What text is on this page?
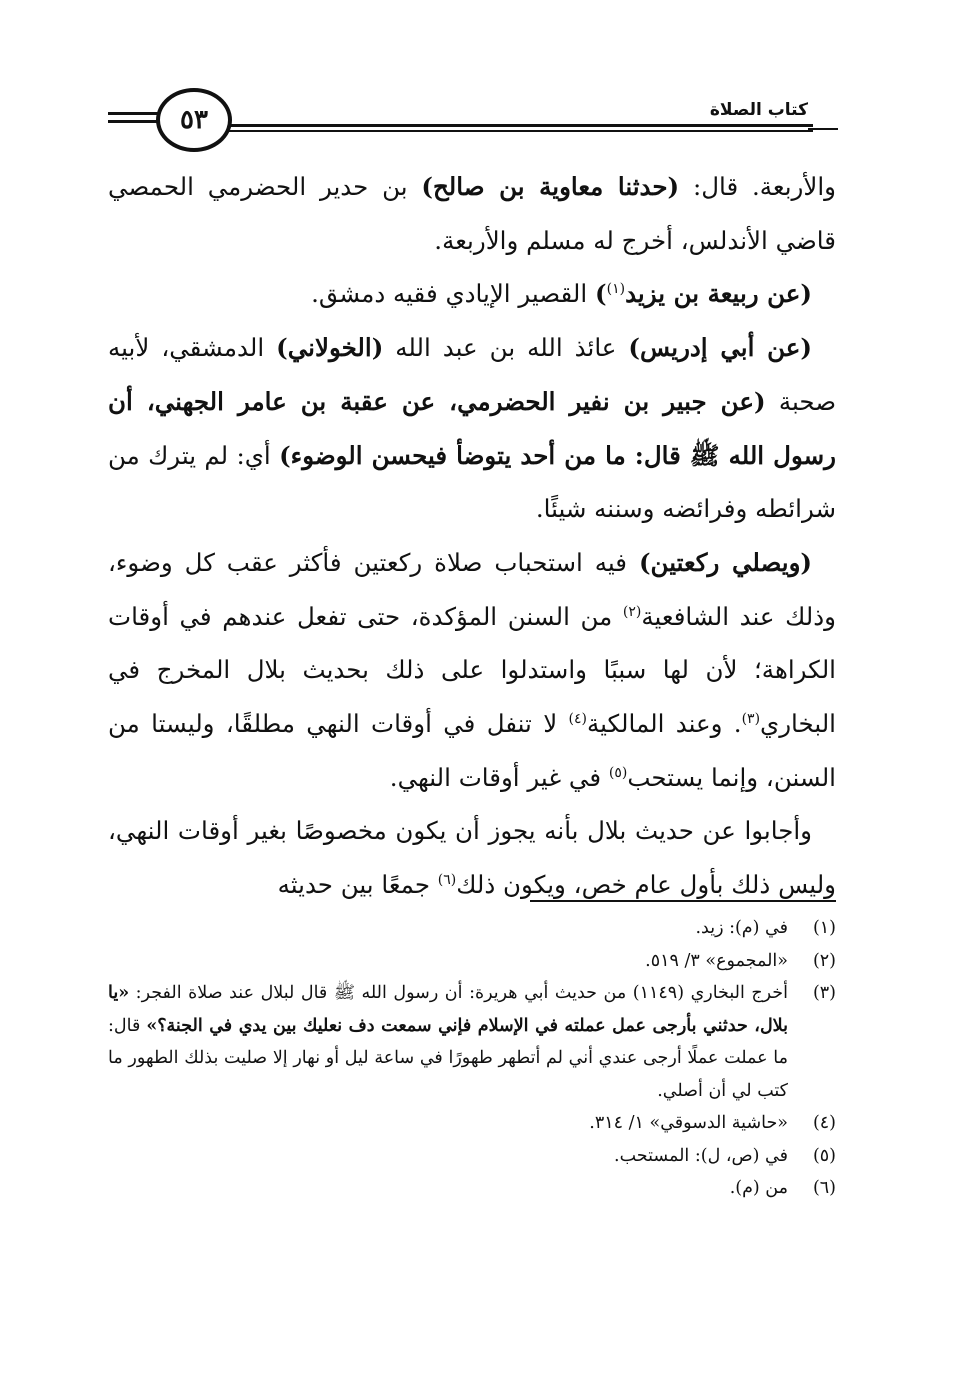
٥٣	كتاب الصلاة

والأربعة. قال: (حدثنا معاوية بن صالح) بن حدير الحضرمي الحمصي قاضي الأندلس، أخرج له مسلم والأربعة.

(عن ربيعة بن يزيد$^{(١)}$) القصير الإيادي فقيه دمشق.

(عن أبي إدريس) عائذ الله بن عبد الله (الخولاني) الدمشقي، لأبيه صحبة (عن جبير بن نفير الحضرمي، عن عقبة بن عامر الجهني، أن رسول الله ﷺ قال: ما من أحد يتوضأ فيحسن الوضوء) أي: لم يترك من شرائطه وفرائضه وسننه شيئًا.

(ويصلي ركعتين) فيه استحباب صلاة ركعتين فأكثر عقب كل وضوء، وذلك عند الشافعية$^{(٢)}$ من السنن المؤكدة، حتى تفعل عندهم في أوقات الكراهة؛ لأن لها سببًا واستدلوا على ذلك بحديث بلال المخرج في البخاري$^{(٣)}$. وعند المالكية$^{(٤)}$ لا تنفل في أوقات النهي مطلقًا، وليستا من السنن، وإنما يستحب$^{(٥)}$ في غير أوقات النهي.

وأجابوا عن حديث بلال بأنه يجوز أن يكون مخصوصًا بغير أوقات النهي، وليس ذلك بأول عام خص، ويكون ذلك$^{(٦)}$ جمعًا بين حديثه

(١)
في (م): زيد.
(٢)
«المجموع» ٣/ ٥١٩.
(٣)
أخرج البخاري (١١٤٩) من حديث أبي هريرة: أن رسول الله ﷺ قال لبلال عند صلاة الفجر: «يا بلال، حدثني بأرجى عمل عملته في الإسلام فإني سمعت دف نعليك بين يدي في الجنة؟» قال: ما عملت عملًا أرجى عندي أني لم أتطهر طهورًا في ساعة ليل أو نهار إلا صليت بذلك الطهور ما كتب لي أن أصلي.
(٤)
«حاشية الدسوقي» ١/ ٣١٤.
(٥)
في (ص، ل): المستحب.
(٦)
من (م).
